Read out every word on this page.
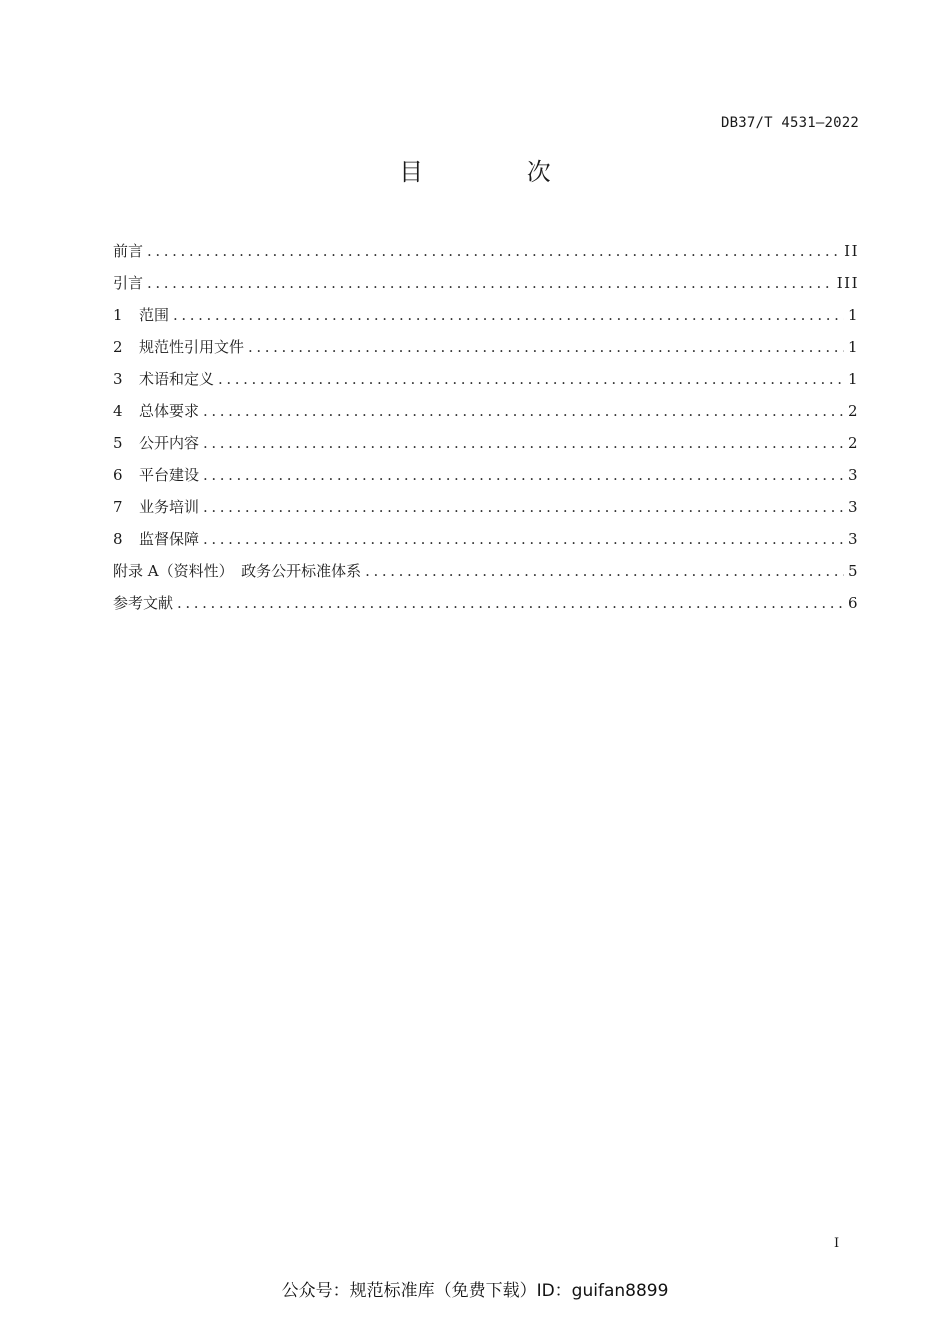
DB37/T 4531—2022
目 次
前言 .....	II
引言 .....	III
1	范围 .....	1
2	规范性引用文件 .....	1
3	术语和定义 .....	1
4	总体要求 .....	2
5	公开内容 .....	2
6	平台建设 .....	3
7	业务培训 .....	3
8	监督保障 .....	3
附录 A（资料性）　政务公开标准体系 .....	5
参考文献 .....	6
I
公众号：规范标准库（免费下载）ID：guifan8899
